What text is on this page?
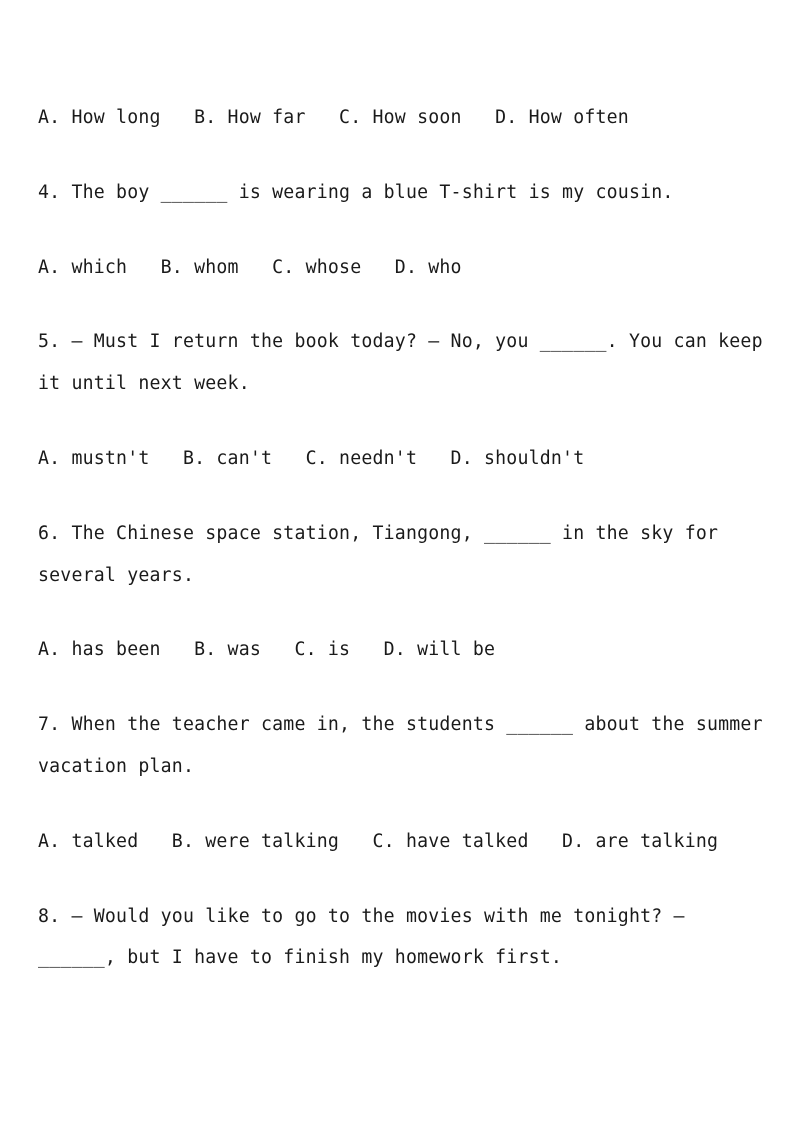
A. How long   B. How far   C. How soon   D. How often
4. The boy ______ is wearing a blue T-shirt is my cousin.
A. which   B. whom   C. whose   D. who
5. — Must I return the book today? — No, you ______. You can keep
it until next week.
A. mustn't   B. can't   C. needn't   D. shouldn't
6. The Chinese space station, Tiangong, ______ in the sky for
several years.
A. has been   B. was   C. is   D. will be
7. When the teacher came in, the students ______ about the summer
vacation plan.
A. talked   B. were talking   C. have talked   D. are talking
8. — Would you like to go to the movies with me tonight? —
______, but I have to finish my homework first.
